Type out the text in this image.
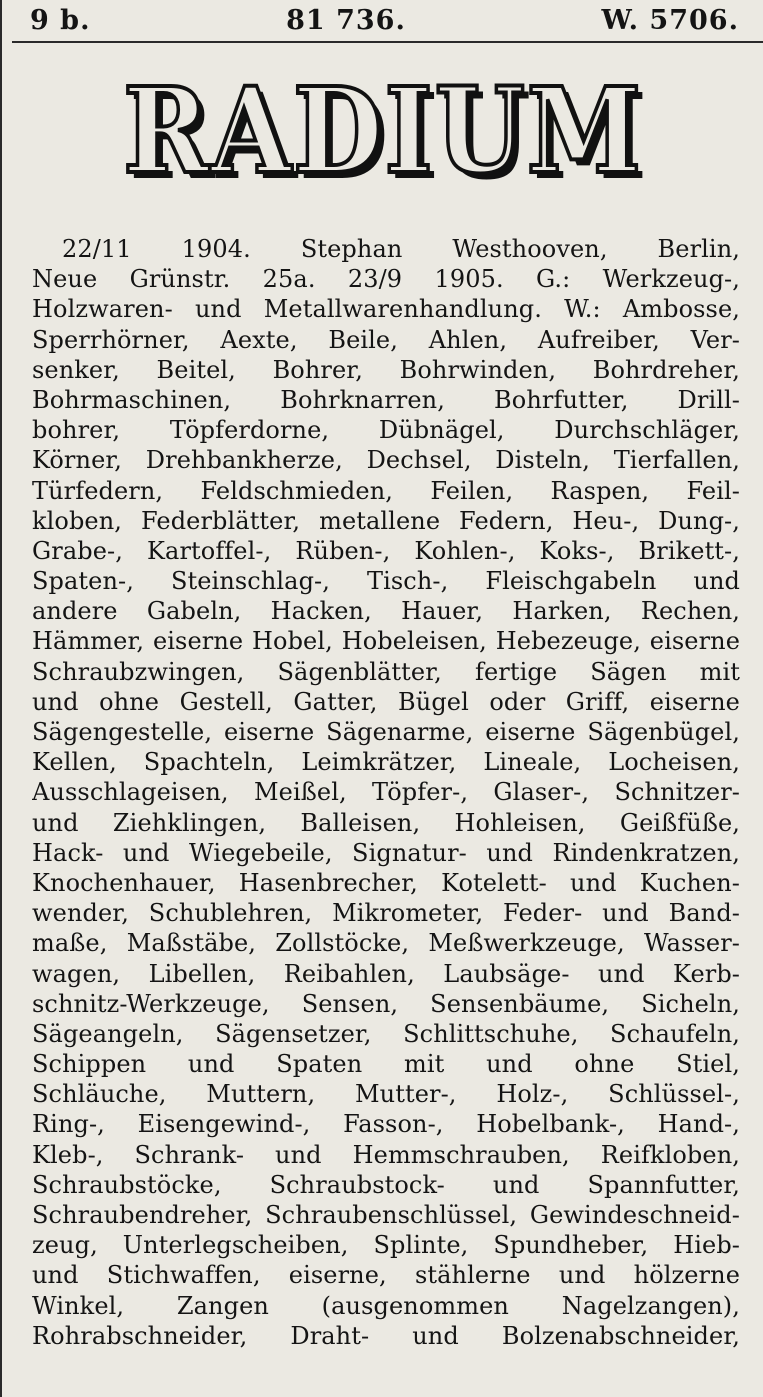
9 b.	81 736.	W. 5706.
RADIUM
RADIUM
22/11 1904. Stephan Westhooven, Berlin,
Neue Grünstr. 25a. 23/9 1905. G.: Werkzeug-,
Holzwaren- und Metallwarenhandlung. W.: Ambosse,
Sperrhörner, Aexte, Beile, Ahlen, Aufreiber, Ver-
senker, Beitel, Bohrer, Bohrwinden, Bohrdreher,
Bohrmaschinen, Bohrknarren, Bohrfutter, Drill-
bohrer, Töpferdorne, Dübnägel, Durchschläger,
Körner, Drehbankherze, Dechsel, Disteln, Tierfallen,
Türfedern, Feldschmieden, Feilen, Raspen, Feil-
kloben, Federblätter, metallene Federn, Heu-, Dung-,
Grabe-, Kartoffel-, Rüben-, Kohlen-, Koks-, Brikett-,
Spaten-, Steinschlag-, Tisch-, Fleischgabeln und
andere Gabeln, Hacken, Hauer, Harken, Rechen,
Hämmer, eiserne Hobel, Hobeleisen, Hebezeuge, eiserne
Schraubzwingen, Sägenblätter, fertige Sägen mit
und ohne Gestell, Gatter, Bügel oder Griff, eiserne
Sägengestelle, eiserne Sägenarme, eiserne Sägenbügel,
Kellen, Spachteln, Leimkrätzer, Lineale, Locheisen,
Ausschlageisen, Meißel, Töpfer-, Glaser-, Schnitzer-
und Ziehklingen, Balleisen, Hohleisen, Geißfüße,
Hack- und Wiegebeile, Signatur- und Rindenkratzen,
Knochenhauer, Hasenbrecher, Kotelett- und Kuchen-
wender, Schublehren, Mikrometer, Feder- und Band-
maße, Maßstäbe, Zollstöcke, Meßwerkzeuge, Wasser-
wagen, Libellen, Reibahlen, Laubsäge- und Kerb-
schnitz-Werkzeuge, Sensen, Sensenbäume, Sicheln,
Sägeangeln, Sägensetzer, Schlittschuhe, Schaufeln,
Schippen und Spaten mit und ohne Stiel,
Schläuche, Muttern, Mutter-, Holz-, Schlüssel-,
Ring-, Eisengewind-, Fasson-, Hobelbank-, Hand-,
Kleb-, Schrank- und Hemmschrauben, Reifkloben,
Schraubstöcke, Schraubstock- und Spannfutter,
Schraubendreher, Schraubenschlüssel, Gewindeschneid-
zeug, Unterlegscheiben, Splinte, Spundheber, Hieb-
und Stichwaffen, eiserne, stählerne und hölzerne
Winkel, Zangen (ausgenommen Nagelzangen),
Rohrabschneider, Draht- und Bolzenabschneider,
